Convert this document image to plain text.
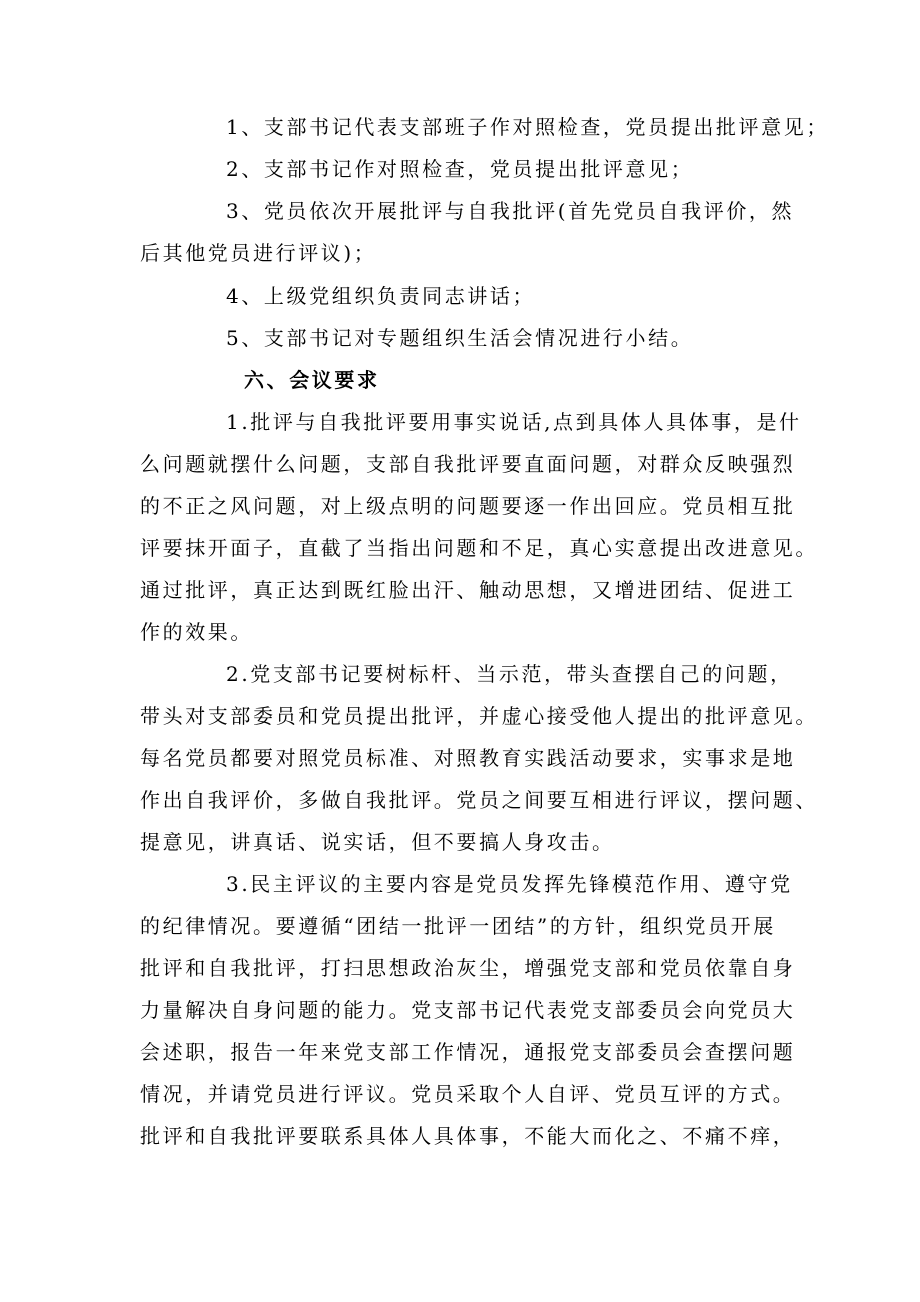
1、支部书记代表支部班子作对照检查，党员提出批评意见；
2、支部书记作对照检查，党员提出批评意见；
3、党员依次开展批评与自我批评(首先党员自我评价，然
后其他党员进行评议)；
4、上级党组织负责同志讲话；
5、支部书记对专题组织生活会情况进行小结。
六、会议要求
1.批评与自我批评要用事实说话,点到具体人具体事，是什
么问题就摆什么问题，支部自我批评要直面问题，对群众反映强烈
的不正之风问题，对上级点明的问题要逐一作出回应。党员相互批
评要抹开面子，直截了当指出问题和不足，真心实意提出改进意见。
通过批评，真正达到既红脸出汗、触动思想，又增进团结、促进工
作的效果。
2.党支部书记要树标杆、当示范，带头查摆自己的问题，
带头对支部委员和党员提出批评，并虚心接受他人提出的批评意见。
每名党员都要对照党员标准、对照教育实践活动要求，实事求是地
作出自我评价，多做自我批评。党员之间要互相进行评议，摆问题、
提意见，讲真话、说实话，但不要搞人身攻击。
3.民主评议的主要内容是党员发挥先锋模范作用、遵守党
的纪律情况。要遵循“团结一批评一团结”的方针，组织党员开展
批评和自我批评，打扫思想政治灰尘，增强党支部和党员依靠自身
力量解决自身问题的能力。党支部书记代表党支部委员会向党员大
会述职，报告一年来党支部工作情况，通报党支部委员会查摆问题
情况，并请党员进行评议。党员采取个人自评、党员互评的方式。
批评和自我批评要联系具体人具体事，不能大而化之、不痛不痒，
